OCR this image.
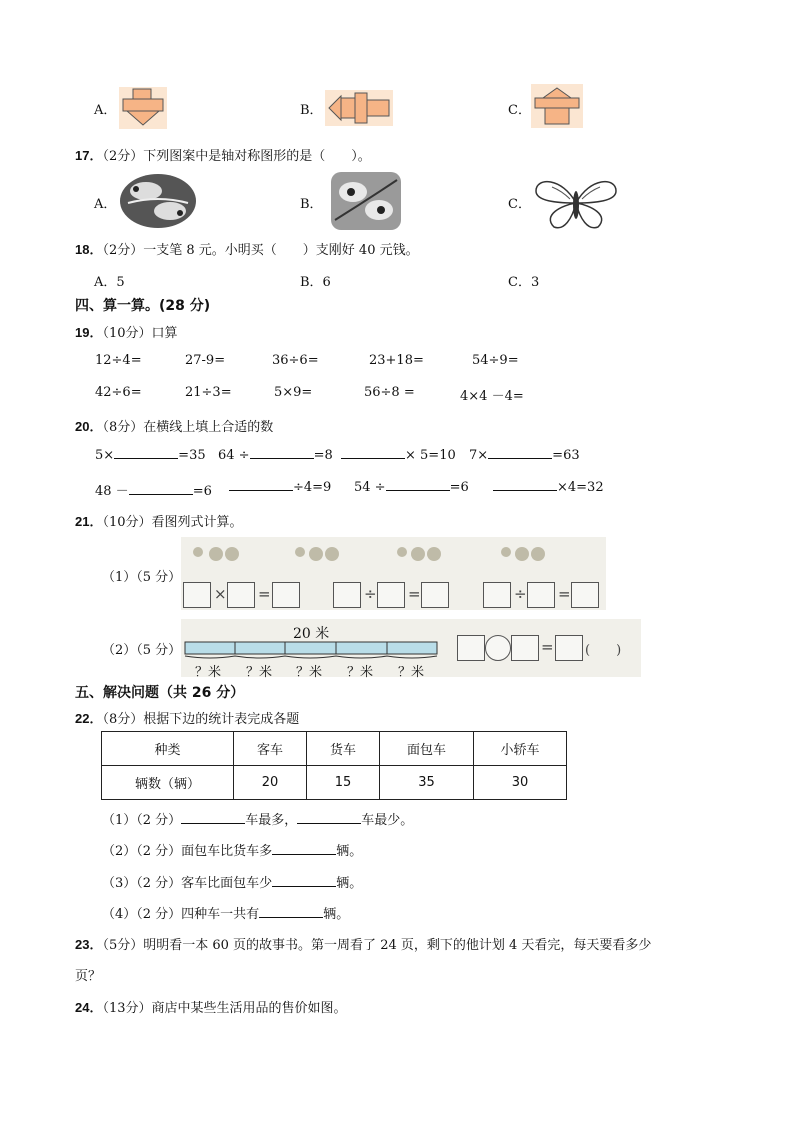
A．	B．	C．
17．（2分）下列图案中是轴对称图形的是（　　）。
A．	B．	C．
18．（2分）一支笔 8 元。小明买（　　）支刚好 40 元钱。
A．5	B．6	C．3
四、算一算。(28 分)
19．（10分）口算
12÷4=	27-9=	36÷6=	23+18=	54÷9=
42÷6=	21÷3=	5×9=	56÷8 =	4×4 －4=
20．（8分）在横线上填上合适的数
5×	=35 64 ÷	=8	× 5=10 7×	=63
48 －	=6	÷4=9 54 ÷	=6	×4=32
21．（10分）看图列式计算。
（1）（5 分）
× =	÷ =	÷ =
（2）（5 分）
20 米
？米 ？米 ？米 ？米 ？米
= (　　)
五、解决问题（共 26 分）
22．（8分）根据下边的统计表完成各题
种类	客车	货车	面包车	小轿车
辆数（辆）	20	15	35	30
（1）（2 分）	车最多，	车最少。
（2）（2 分）面包车比货车多	辆。
（3）（2 分）客车比面包车少	辆。
（4）（2 分）四种车一共有	辆。
23．（5分）明明看一本 60 页的故事书。第一周看了 24 页，剩下的他计划 4 天看完，每天要看多少
页？
24．（13分）商店中某些生活用品的售价如图。
